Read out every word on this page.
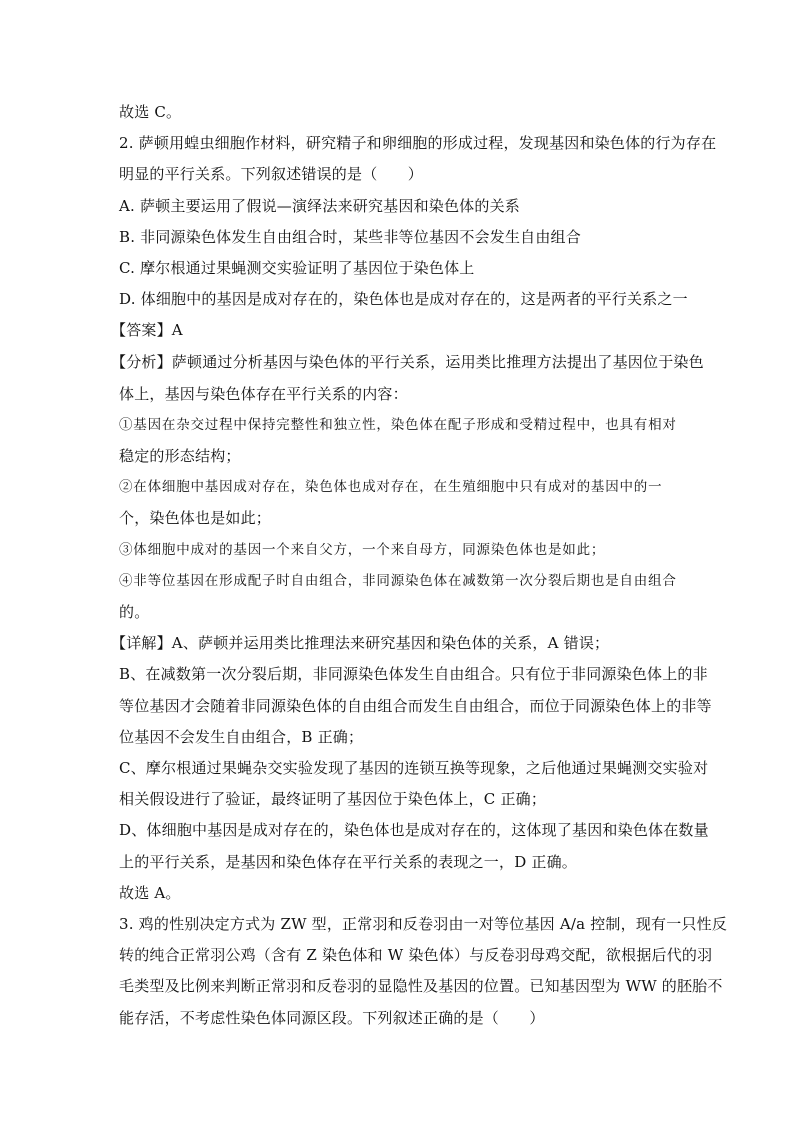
故选 C。
2. 萨顿用蝗虫细胞作材料，研究精子和卵细胞的形成过程，发现基因和染色体的行为存在
明显的平行关系。下列叙述错误的是（　　）
A. 萨顿主要运用了假说—演绎法来研究基因和染色体的关系
B. 非同源染色体发生自由组合时，某些非等位基因不会发生自由组合
C. 摩尔根通过果蝇测交实验证明了基因位于染色体上
D. 体细胞中的基因是成对存在的，染色体也是成对存在的，这是两者的平行关系之一
【答案】A
【分析】萨顿通过分析基因与染色体的平行关系，运用类比推理方法提出了基因位于染色
体上，基因与染色体存在平行关系的内容：
①基因在杂交过程中保持完整性和独立性，染色体在配子形成和受精过程中，也具有相对
稳定的形态结构；
②在体细胞中基因成对存在，染色体也成对存在，在生殖细胞中只有成对的基因中的一
个，染色体也是如此；
③体细胞中成对的基因一个来自父方，一个来自母方，同源染色体也是如此；
④非等位基因在形成配子时自由组合，非同源染色体在减数第一次分裂后期也是自由组合
的。
【详解】A、萨顿并运用类比推理法来研究基因和染色体的关系，A 错误；
B、在减数第一次分裂后期，非同源染色体发生自由组合。只有位于非同源染色体上的非
等位基因才会随着非同源染色体的自由组合而发生自由组合，而位于同源染色体上的非等
位基因不会发生自由组合，B 正确；
C、摩尔根通过果蝇杂交实验发现了基因的连锁互换等现象，之后他通过果蝇测交实验对
相关假设进行了验证，最终证明了基因位于染色体上，C 正确；
D、体细胞中基因是成对存在的，染色体也是成对存在的，这体现了基因和染色体在数量
上的平行关系，是基因和染色体存在平行关系的表现之一，D 正确。
故选 A。
3. 鸡的性别决定方式为 ZW 型，正常羽和反卷羽由一对等位基因 A/a 控制，现有一只性反
转的纯合正常羽公鸡（含有 Z 染色体和 W 染色体）与反卷羽母鸡交配，欲根据后代的羽
毛类型及比例来判断正常羽和反卷羽的显隐性及基因的位置。已知基因型为 WW 的胚胎不
能存活，不考虑性染色体同源区段。下列叙述正确的是（　　）
